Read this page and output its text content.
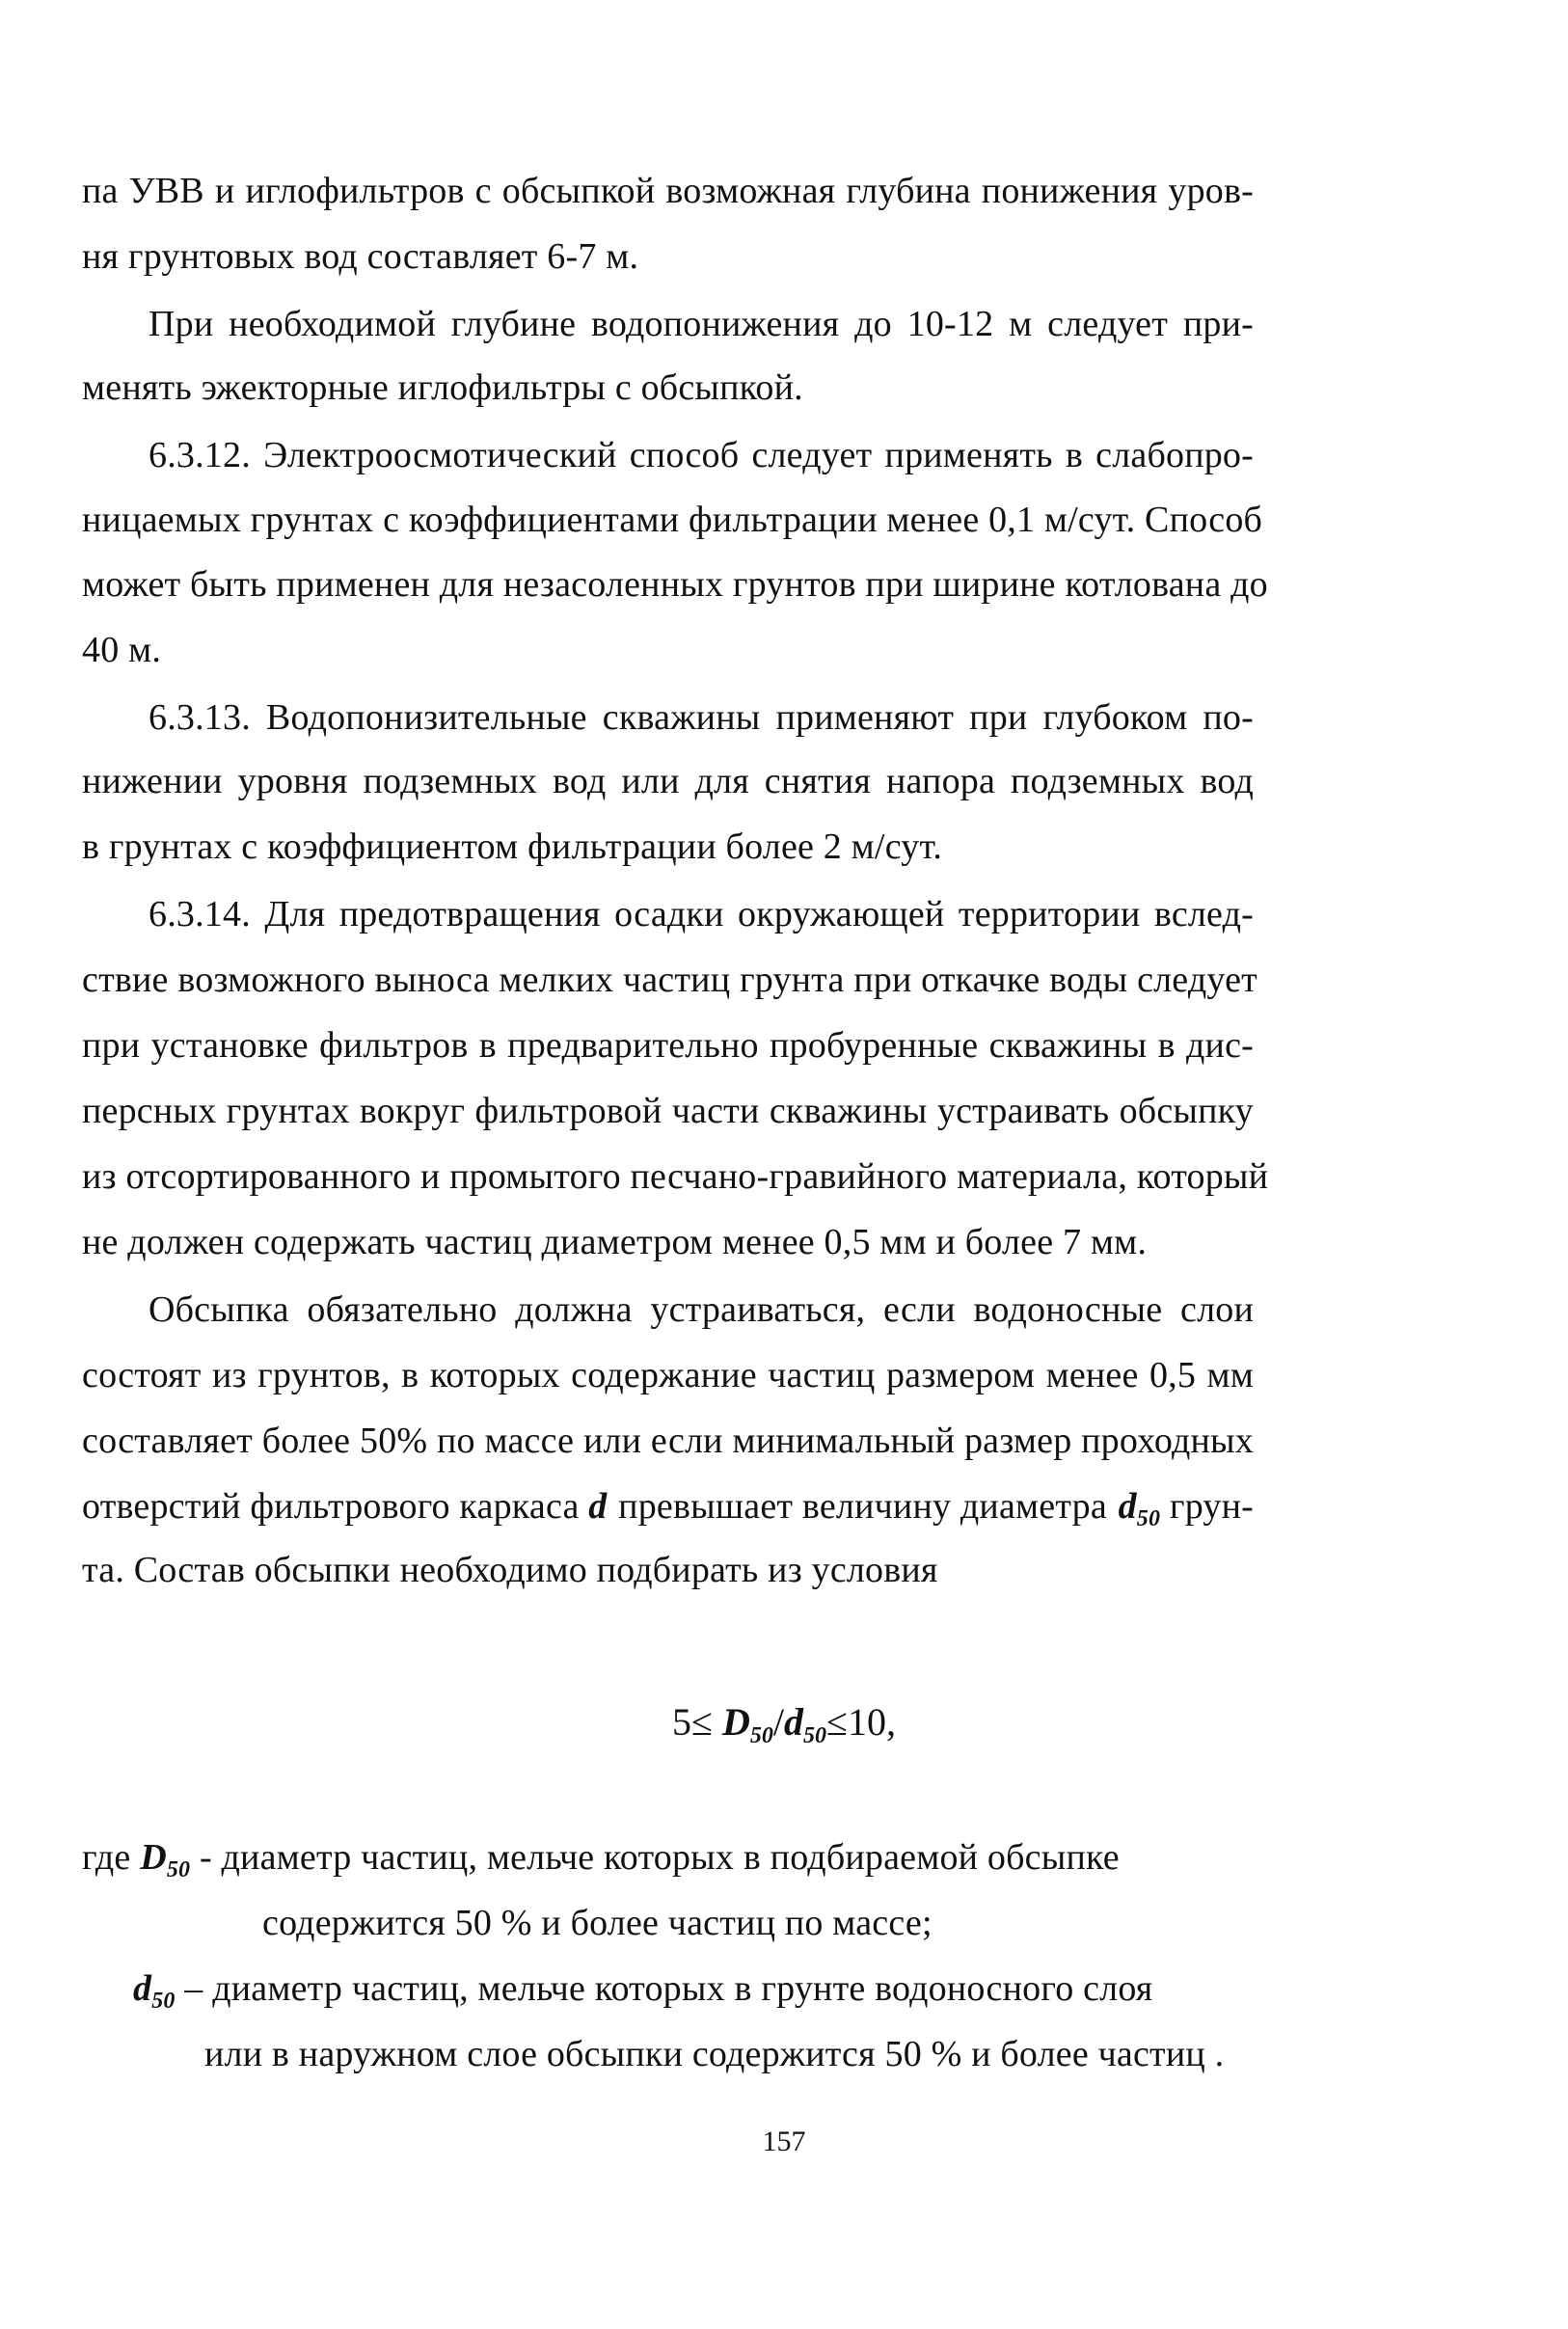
па УВВ и иглофильтров с обсыпкой возможная глубина понижения уров-
ня грунтовых вод составляет 6-7 м.
При необходимой глубине водопонижения до 10-12 м следует при-
менять эжекторные иглофильтры с обсыпкой.
6.3.12. Электроосмотический способ следует применять в слабопро-
ницаемых грунтах с коэффициентами фильтрации менее 0,1 м/сут. Способ
может быть применен для незасоленных грунтов при ширине котлована до
40 м.
6.3.13. Водопонизительные скважины применяют при глубоком по-
нижении уровня подземных вод или для снятия напора подземных вод
в грунтах с коэффициентом фильтрации более 2 м/сут.
6.3.14. Для предотвращения осадки окружающей территории вслед-
ствие возможного выноса мелких частиц грунта при откачке воды следует
при установке фильтров в предварительно пробуренные скважины в дис-
персных грунтах вокруг фильтровой части скважины устраивать обсыпку
из отсортированного и промытого песчано-гравийного материала, который
не должен содержать частиц диаметром менее 0,5 мм и более 7 мм.
Обсыпка обязательно должна устраиваться, если водоносные слои
состоят из грунтов, в которых содержание частиц размером менее 0,5 мм
составляет более 50% по массе или если минимальный размер проходных
отверстий фильтрового каркаса d превышает величину диаметра $d_{50}$ грун-
та. Состав обсыпки необходимо подбирать из условия
$5\le D_{50}/d_{50}\le 10$,
где $D_{50}$ - диаметр частиц, мельче которых в подбираемой обсыпке
содержится 50 % и более частиц по массе;
$d_{50}$ – диаметр частиц, мельче которых в грунте водоносного слоя
или в наружном слое обсыпки содержится 50 % и более частиц .
157
